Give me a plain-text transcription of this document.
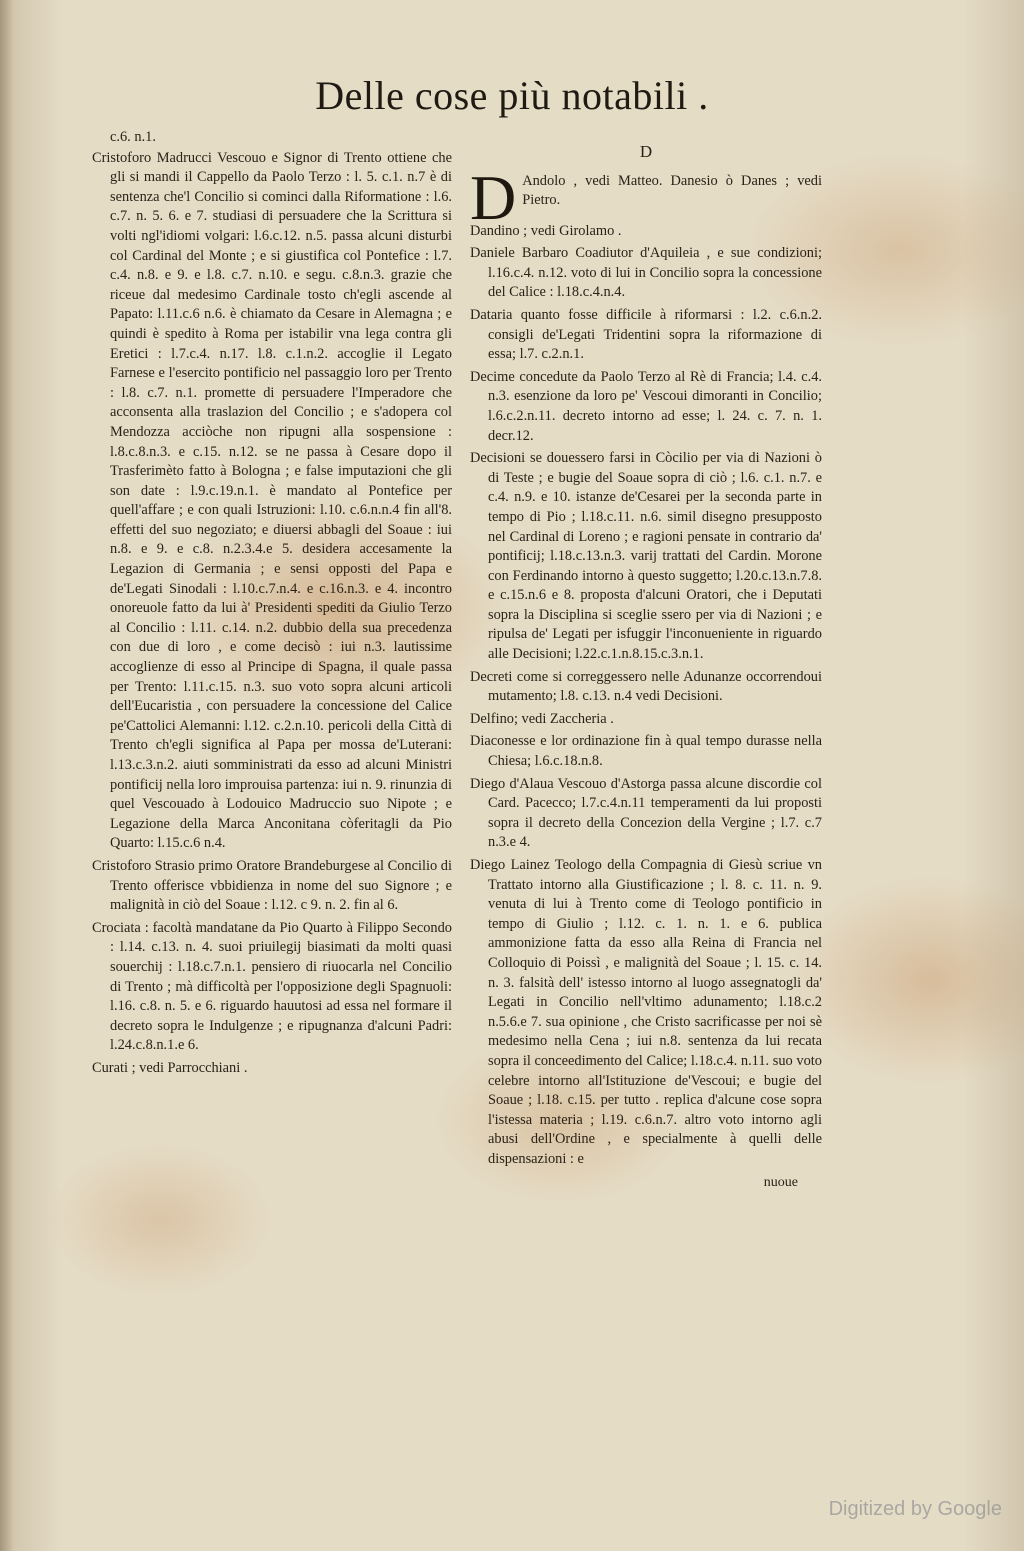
Delle cose più notabili .

c.6. n.1.

Cristoforo Madrucci Vescouo e Signor di Trento ottiene che gli si mandi il Cappello da Paolo Terzo : l. 5. c.1. n.7 è di sentenza che'l Concilio si cominci dalla Riformatione : l.6. c.7. n. 5. 6. e 7. studiasi di persuadere che la Scrittura si volti ngl'idiomi volgari: l.6.c.12. n.5. passa alcuni disturbi col Cardinal del Monte ; e si giustifica col Pontefice : l.7. c.4. n.8. e 9. e l.8. c.7. n.10. e segu. c.8.n.3. grazie che riceue dal medesimo Cardinale tosto ch'egli ascende al Papato: l.11.c.6 n.6. è chiamato da Cesare in Alemagna ; e quindi è spedito à Roma per istabilir vna lega contra gli Eretici : l.7.c.4. n.17. l.8. c.1.n.2. accoglie il Legato Farnese e l'esercito pontificio nel passaggio loro per Trento : l.8. c.7. n.1. promette di persuadere l'Imperadore che acconsenta alla traslazion del Concilio ; e s'adopera col Mendozza acciòche non ripugni alla sospensione : l.8.c.8.n.3. e c.15. n.12. se ne passa à Cesare dopo il Trasferimèto fatto à Bologna ; e false imputazioni che gli son date : l.9.c.19.n.1. è mandato al Pontefice per quell'affare ; e con quali Istruzioni: l.10. c.6.n.n.4 fin all'8. effetti del suo negoziato; e diuersi abbagli del Soaue : iui n.8. e 9. e c.8. n.2.3.4.e 5. desidera accesamente la Legazion di Germania ; e sensi opposti del Papa e de'Legati Sinodali : l.10.c.7.n.4. e c.16.n.3. e 4. incontro onoreuole fatto da lui à' Presidenti spediti da Giulio Terzo al Concilio : l.11. c.14. n.2. dubbio della sua precedenza con due di loro , e come decisò : iui n.3. lautissime accoglienze di esso al Principe di Spagna, il quale passa per Trento: l.11.c.15. n.3. suo voto sopra alcuni articoli dell'Eucaristia , con persuadere la concessione del Calice pe'Cattolici Alemanni: l.12. c.2.n.10. pericoli della Città di Trento ch'egli significa al Papa per mossa de'Luterani: l.13.c.3.n.2. aiuti somministrati da esso ad alcuni Ministri pontificij nella loro improuisa partenza: iui n. 9. rinunzia di quel Vescouado à Lodouico Madruccio suo Nipote ; e Legazione della Marca Anconitana còferitagli da Pio Quarto: l.15.c.6 n.4.

Cristoforo Strasio primo Oratore Brandeburgese al Concilio di Trento offerisce vbbidienza in nome del suo Signore ; e malignità in ciò del Soaue : l.12. c 9. n. 2. fin al 6.

Crociata : facoltà mandatane da Pio Quarto à Filippo Secondo : l.14. c.13. n. 4. suoi priuilegij biasimati da molti quasi souerchij : l.18.c.7.n.1. pensiero di riuocarla nel Concilio di Trento ; mà difficoltà per l'opposizione degli Spagnuoli: l.16. c.8. n. 5. e 6. riguardo hauutosi ad essa nel formare il decreto sopra le Indulgenze ; e ripugnanza d'alcuni Padri: l.24.c.8.n.1.e 6.

Curati ; vedi Parrocchiani .

D

D Andolo , vedi Matteo. Danesio ò Danes ; vedi Pietro.

Dandino ; vedi Girolamo .

Daniele Barbaro Coadiutor d'Aquileia , e sue condizioni; l.16.c.4. n.12. voto di lui in Concilio sopra la concessione del Calice : l.18.c.4.n.4.

Dataria quanto fosse difficile à riformarsi : l.2. c.6.n.2. consigli de'Legati Tridentini sopra la riformazione di essa; l.7. c.2.n.1.

Decime concedute da Paolo Terzo al Rè di Francia; l.4. c.4. n.3. esenzione da loro pe' Vescoui dimoranti in Concilio; l.6.c.2.n.11. decreto intorno ad esse; l. 24. c. 7. n. 1. decr.12.

Decisioni se douessero farsi in Còcilio per via di Nazioni ò di Teste ; e bugie del Soaue sopra di ciò ; l.6. c.1. n.7. e c.4. n.9. e 10. istanze de'Cesarei per la seconda parte in tempo di Pio ; l.18.c.11. n.6. simil disegno presupposto nel Cardinal di Loreno ; e ragioni pensate in contrario da' pontificij; l.18.c.13.n.3. varij trattati del Cardin. Morone con Ferdinando intorno à questo suggetto; l.20.c.13.n.7.8. e c.15.n.6 e 8. proposta d'alcuni Oratori, che i Deputati sopra la Disciplina si sceglie ssero per via di Nazioni ; e ripulsa de' Legati per isfuggir l'inconueniente in riguardo alle Decisioni; l.22.c.1.n.8.15.c.3.n.1.

Decreti come si correggessero nelle Adunanze occorrendoui mutamento; l.8. c.13. n.4 vedi Decisioni.

Delfino; vedi Zaccheria .

Diaconesse e lor ordinazione fin à qual tempo durasse nella Chiesa; l.6.c.18.n.8.

Diego d'Alaua Vescouo d'Astorga passa alcune discordie col Card. Pacecco; l.7.c.4.n.11 temperamenti da lui proposti sopra il decreto della Concezion della Vergine ; l.7. c.7 n.3.e 4.

Diego Lainez Teologo della Compagnia di Giesù scriue vn Trattato intorno alla Giustificazione ; l. 8. c. 11. n. 9. venuta di lui à Trento come di Teologo pontificio in tempo di Giulio ; l.12. c. 1. n. 1. e 6. publica ammonizione fatta da esso alla Reina di Francia nel Colloquio di Poissì , e malignità del Soaue ; l. 15. c. 14. n. 3. falsità dell' istesso intorno al luogo assegnatogli da' Legati in Concilio nell'vltimo adunamento; l.18.c.2 n.5.6.e 7. sua opinione , che Cristo sacrificasse per noi sè medesimo nella Cena ; iui n.8. sentenza da lui recata sopra il conceedimento del Calice; l.18.c.4. n.11. suo voto celebre intorno all'Istituzione de'Vescoui; e bugie del Soaue ; l.18. c.15. per tutto . replica d'alcune cose sopra l'istessa materia ; l.19. c.6.n.7. altro voto intorno agli abusi dell'Ordine , e specialmente à quelli delle dispensazioni : e

nuoue
Digitized by Google
